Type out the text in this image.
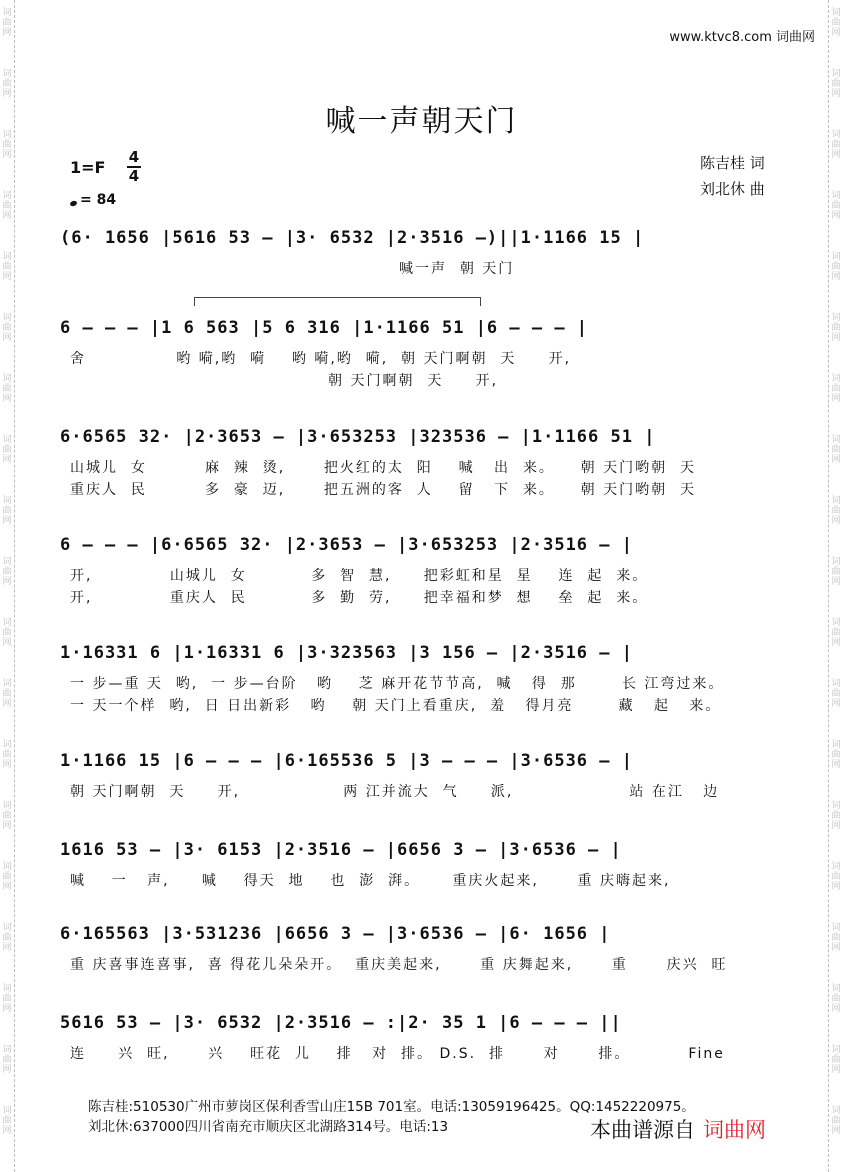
词
曲
网
词
曲
网
词
曲
网
词
曲
网
词
曲
网
词
曲
网
词
曲
网
词
曲
网
词
曲
网
词
曲
网
词
曲
网
词
曲
网
词
曲
网
词
曲
网
词
曲
网
词
曲
网
词
曲
网
词
曲
网
词
曲
网
词
曲
网
词
曲
网
词
曲
网
词
曲
网
词
曲
网
词
曲
网
词
曲
网
词
曲
网
词
曲
网
词
曲
网
词
曲
网
词
曲
网
词
曲
网
词
曲
网
词
曲
网
词
曲
网
词
曲
网
词
曲
网
词
曲
网
www.ktvc8.com 词曲网
喊一声朝天门
1=F
4
4
= 84
陈吉桂 词
刘北休 曲
(6· 1656 |5616 53 — |3· 6532 |2·3516 —)||1·1166 15 |
喊一声  朝 天门
6 — — — |1 6 563 |5 6 316 |1·1166 51 |6 — — — |
舍              哟 嗬,哟  嗬    哟 嗬,哟  嗬,  朝 天门啊朝  天     开,
朝 天门啊朝  天     开,
6·6565 32· |2·3653 — |3·653253 |323536 — |1·1166 51 |
山城儿  女         麻  辣  烫,      把火红的太  阳    喊   出  来。    朝 天门哟朝  天
重庆人  民         多  豪  迈,      把五洲的客  人    留   下  来。    朝 天门哟朝  天
6 — — — |6·6565 32· |2·3653 — |3·653253 |2·3516 — |
开,            山城儿  女          多  智  慧,     把彩虹和星  星    连  起  来。
开,            重庆人  民          多  勤  劳,     把幸福和梦  想    垒  起  来。
1·16331 6 |1·16331 6 |3·323563 |3 156 — |2·3516 — |
一 步—重 天  哟,  一 步—台阶   哟    芝 麻开花节节高,  喊   得  那       长 江弯过来。
一 天一个样  哟,  日 日出新彩   哟    朝 天门上看重庆,  羞   得月亮       藏   起   来。
1·1166 15 |6 — — — |6·165536 5 |3 — — — |3·6536 — |
朝 天门啊朝  天     开,                两 江并流大  气     派,                  站 在江   边
1616 53 — |3· 6153 |2·3516 — |6656 3 — |3·6536 — |
喊    一   声,     喊    得天  地    也  澎  湃。     重庆火起来,      重 庆嗨起来,
6·165563 |3·531236 |6656 3 — |3·6536 — |6· 1656 |
重 庆喜事连喜事,  喜 得花儿朵朵开。  重庆美起来,      重 庆舞起来,      重      庆兴  旺
5616 53 — |3· 6532 |2·3516 — :|2· 35 1 |6 — — — ||
连     兴  旺,      兴    旺花  儿    排   对  排。 D.S.  排      对      排。         Fine
陈吉桂:510530广州市萝岗区保利香雪山庄15B 701室。电话:13059196425。QQ:1452220975。
刘北休:637000四川省南充市顺庆区北湖路314号。电话:13	本曲谱源自 词曲网
